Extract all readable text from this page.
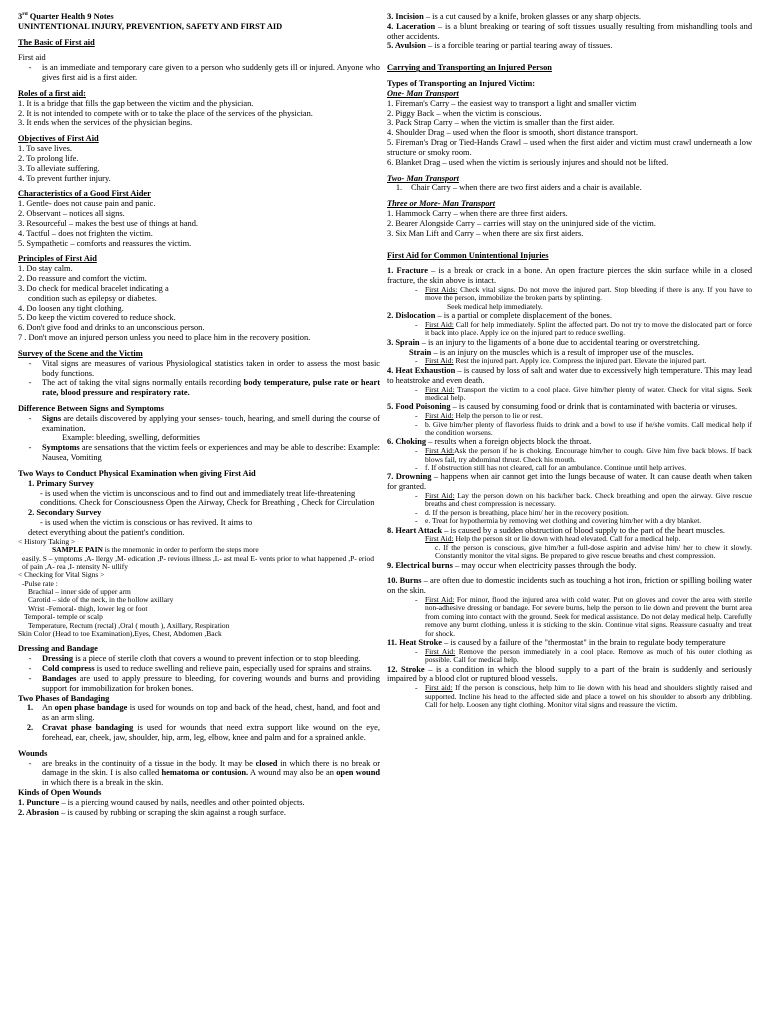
3rd Quarter Health 9 Notes
UNINTENTIONAL INJURY, PREVENTION, SAFETY AND FIRST AID
The Basic of First aid
First aid
-	is an immediate and temporary care given to a person who suddenly gets ill or injured. Anyone who gives first aid is a first aider.
Roles of a first aid:
1. It is a bridge that fills the gap between the victim and the physician.
2. It is not intended to compete with or to take the place of the services of the physician.
3. It ends when the services of the physician begins.
Objectives of First Aid
1. To save lives.
2. To prolong life.
3. To alleviate suffering.
4. To prevent further injury.
Characteristics of a Good First Aider
1. Gentle- does not cause pain and panic.
2. Observant – notices all signs.
3. Resourceful – makes the best use of things at hand.
4. Tactful – does not frighten the victim.
5. Sympathetic – comforts and reassures the victim.
Principles of First Aid
1. Do stay calm.
2. Do reassure and comfort the victim.
3. Do check for medical bracelet indicating a
condition such as epilepsy or diabetes.
4. Do loosen any tight clothing.
5. Do keep the victim covered to reduce shock.
6. Don't give food and drinks to an unconscious person.
7 . Don't move an injured person unless you need to place him in the recovery position.
Survey of the Scene and the Victim
-	Vital signs are measures of various Physiological statistics taken in order to assess the most basic body functions.
-	The act of taking the vital signs normally entails recording body temperature, pulse rate or heart rate, blood pressure and respiratory rate.
Difference Between Signs and Symptoms
-	Signs are details discovered by applying your senses- touch, hearing, and smell during the course of examination.
Example: bleeding, swelling, deformities
-	Symptoms are sensations that the victim feels or experiences and may be able to describe: Example: Nausea, Vomiting
Two Ways to Conduct Physical Examination when giving First Aid
1. Primary Survey
- is used when the victim is unconscious and to find out and immediately treat life-threatening conditions. Check for Consciousness Open the Airway, Check for Breathing , Check for Circulation
2. Secondary Survey
- is used when the victim is conscious or has revived. It aims to
detect everything about the patient's condition.
< History Taking >
SAMPLE PAIN is the mnemonic in order to perform the steps more
easily. S – ymptoms ,A- llergy ,M- edication ,P- revious illness ,L- ast meal E- vents prior to what happened ,P- eriod of pain ,A- rea ,I- ntensity N- ullify
< Checking for Vital Signs >
-Pulse rate :
Brachial – inner side of upper arm
Carotid – side of the neck, in the hollow axillary
Wrist -Femoral- thigh, lower leg or foot
Temporal- temple or scalp
Temperature, Rectum (rectal) ,Oral ( mouth ), Axillary, Respiration
Skin Color (Head to toe Examination),Eyes, Chest, Abdomen ,Back
Dressing and Bandage
-	Dressing is a piece of sterile cloth that covers a wound to prevent infection or to stop bleeding.
-	Cold compress is used to reduce swelling and relieve pain, especially used for sprains and strains.
-	Bandages are used to apply pressure to bleeding, for covering wounds and burns and providing support for immobilization for broken bones.
Two Phases of Bandaging
1.	An open phase bandage is used for wounds on top and back of the head, chest, hand, and foot and as an arm sling.
2.	Cravat phase bandaging is used for wounds that need extra support like wound on the eye, forehead, ear, cheek, jaw, shoulder, hip, arm, leg, elbow, knee and palm and for a sprained ankle.
Wounds
-	are breaks in the continuity of a tissue in the body. It may be closed in which there is no break or damage in the skin. I is also called hematoma or contusion. A wound may also be an open wound in which there is a break in the skin.
Kinds of Open Wounds
1. Puncture – is a piercing wound caused by nails, needles and other pointed objects.
2. Abrasion – is caused by rubbing or scraping the skin against a rough surface.
3. Incision – is a cut caused by a knife, broken glasses or any sharp objects.
4. Laceration – is a blunt breaking or tearing of soft tissues usually resulting from mishandling tools and other accidents.
5. Avulsion – is a forcible tearing or partial tearing away of tissues.
Carrying and Transporting an Injured Person
Types of Transporting an Injured Victim:
One- Man Transport
1. Fireman's Carry – the easiest way to transport a light and smaller victim
2. Piggy Back – when the victim is conscious.
3. Pack Strap Carry – when the victim is smaller than the first aider.
4. Shoulder Drag – used when the floor is smooth, short distance transport.
5. Fireman's Drag or Tied-Hands Crawl – used when the first aider and victim must crawl underneath a low structure or smoky room.
6. Blanket Drag – used when the victim is seriously injures and should not be lifted.
Two- Man Transport
1.	Chair Carry – when there are two first aiders and a chair is available.
Three or More- Man Transport
1. Hammock Carry – when there are three first aiders.
2. Bearer Alongside Carry – carries will stay on the uninjured side of the victim.
3. Six Man Lift and Carry – when there are six first aiders.
First Aid for Common Unintentional Injuries
1. Fracture – is a break or crack in a bone. An open fracture pierces the skin surface while in a closed fracture, the skin above is intact.
-	First Aids: Check vital signs. Do not move the injured part. Stop bleeding if there is any. If you have to move the person, immobilize the broken parts by splinting.
Seek medical help immediately.
2. Dislocation – is a partial or complete displacement of the bones.
-	First Aid: Call for help immediately. Splint the affected part. Do not try to move the dislocated part or force it back into place. Apply ice on the injured part to reduce swelling.
3. Sprain – is an injury to the ligaments of a bone due to accidental tearing or overstretching.
Strain – is an injury on the muscles which is a result of improper use of the muscles.
-	First Aid: Rest the injured part. Apply ice. Compress the injured part. Elevate the injured part.
4. Heat Exhaustion – is caused by loss of salt and water due to excessively high temperature. This may lead to heatstroke and even death.
-	First Aid: Transport the victim to a cool place. Give him/her plenty of water. Check for vital signs. Seek medical help.
5. Food Poisoning – is caused by consuming food or drink that is contaminated with bacteria or viruses.
-	First Aid: Help the person to lie or rest.
-	b. Give him/her plenty of flavorless fluids to drink and a bowl to use if he/she vomits. Call medical help if the condition worsens.
6. Choking – results when a foreign objects block the throat.
-	First Aid:Ask the person if he is choking. Encourage him/her to cough. Give him five back blows. If back blows fail, try abdominal thrust. Check his mouth.
-	f. If obstruction still has not cleared, call for an ambulance. Continue until help arrives.
7. Drowning – happens when air cannot get into the lungs because of water. It can cause death when taken for granted.
-	First Aid: Lay the person down on his back/her back. Check breathing and open the airway. Give rescue breaths and chest compression is necessary.
-	d. If the person is breathing, place him/ her in the recovery position.
-	e. Treat for hypothermia by removing wet clothing and covering him/her with a dry blanket.
8. Heart Attack – is caused by a sudden obstruction of blood supply to the part of the heart muscles.
First Aid: Help the person sit or lie down with head elevated. Call for a medical help.
c. If the person is conscious, give him/her a full-dose aspirin and advise him/ her to chew it slowly. Constantly monitor the vital signs. Be prepared to give rescue breaths and chest compression.
9. Electrical burns – may occur when electricity passes through the body.
10. Burns – are often due to domestic incidents such as touching a hot iron, friction or spilling boiling water on the skin.
-	First Aid: For minor, flood the injured area with cold water. Put on gloves and cover the area with sterile non-adhesive dressing or bandage. For severe burns, help the person to lie down and prevent the burnt area from coming into contact with the ground. Seek for medical assistance. Do not delay medical help. Carefully remove any burnt clothing, unless it is sticking to the skin. Continue vital signs. Reassure casualty and treat for shock.
11. Heat Stroke – is caused by a failure of the "thermostat" in the brain to regulate body temperature
-	First Aid: Remove the person immediately in a cool place. Remove as much of his outer clothing as possible. Call for medical help.
12. Stroke – is a condition in which the blood supply to a part of the brain is suddenly and seriously impaired by a blood clot or ruptured blood vessels.
-	First aid: If the person is conscious, help him to lie down with his head and shoulders slightly raised and supported. Incline his head to the affected side and place a towel on his shoulder to absorb any dribbling. Call for help. Loosen any tight clothing. Monitor vital signs and reassure the victim.
